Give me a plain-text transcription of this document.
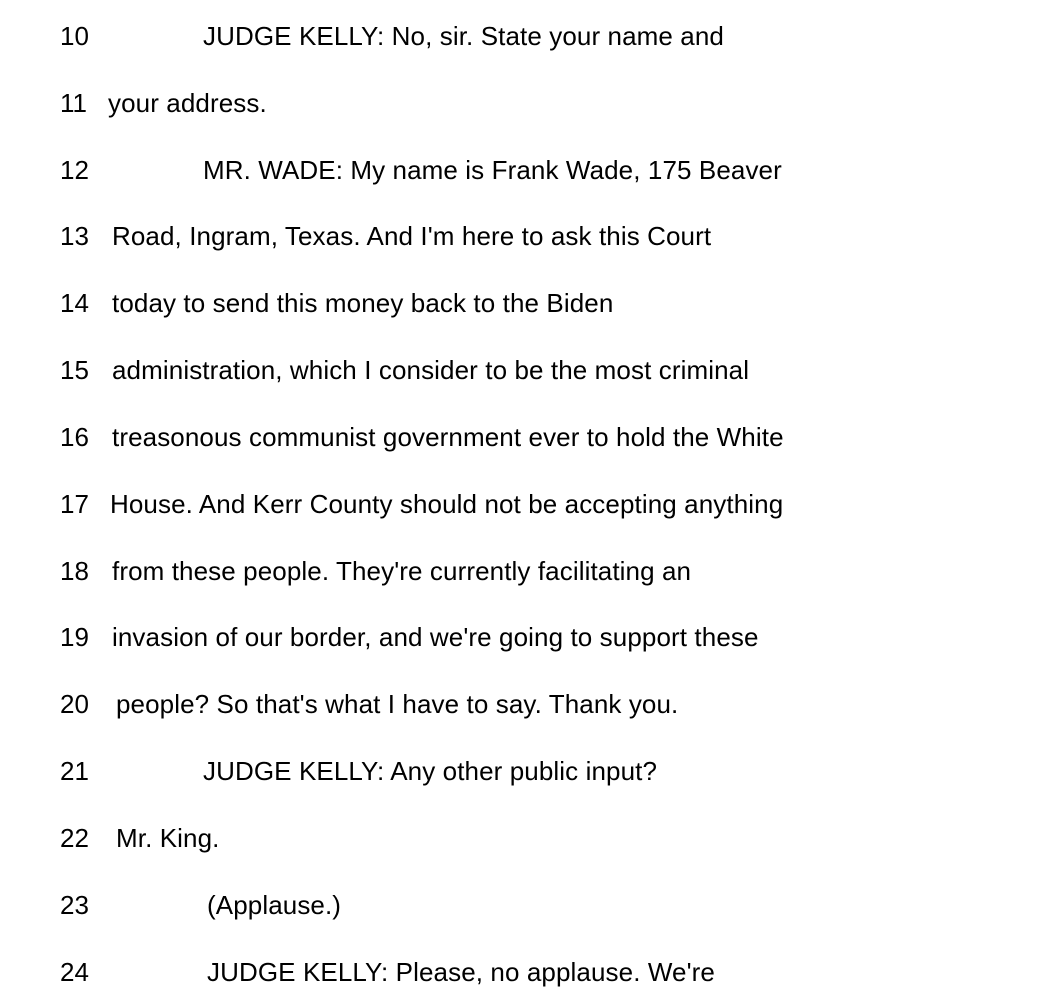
10	JUDGE KELLY: No, sir. State your name and
11 your address.
12	MR. WADE: My name is Frank Wade, 175 Beaver
13 Road, Ingram, Texas. And I'm here to ask this Court
14 today to send this money back to the Biden
15 administration, which I consider to be the most criminal
16 treasonous communist government ever to hold the White
17 House. And Kerr County should not be accepting anything
18 from these people. They're currently facilitating an
19 invasion of our border, and we're going to support these
20 people? So that's what I have to say. Thank you.
21	JUDGE KELLY: Any other public input?
22 Mr. King.
23	(Applause.)
24	JUDGE KELLY: Please, no applause. We're
